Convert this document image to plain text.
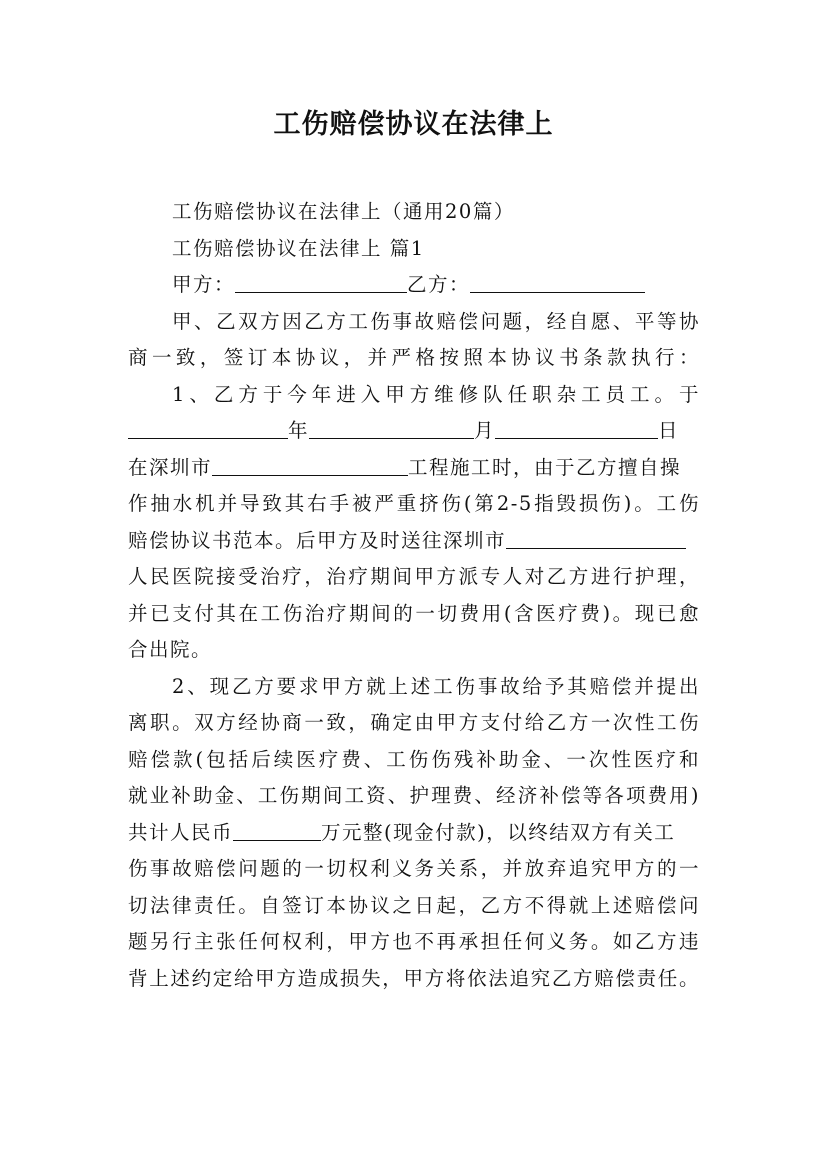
工伤赔偿协议在法律上
工伤赔偿协议在法律上（通用20篇）
工伤赔偿协议在法律上 篇1
甲方：	乙方：
甲、乙双方因乙方工伤事故赔偿问题，经自愿、平等协
商一致，签订本协议，并严格按照本协议书条款执行：
1、乙方于今年进入甲方维修队任职杂工员工。于
年	月	日
在深圳市	工程施工时，由于乙方擅自操
作抽水机并导致其右手被严重挤伤(第2-5指毁损伤)。工伤
赔偿协议书范本。后甲方及时送往深圳市
人民医院接受治疗，治疗期间甲方派专人对乙方进行护理，
并已支付其在工伤治疗期间的一切费用(含医疗费)。现已愈
合出院。
2、现乙方要求甲方就上述工伤事故给予其赔偿并提出
离职。双方经协商一致，确定由甲方支付给乙方一次性工伤
赔偿款(包括后续医疗费、工伤伤残补助金、一次性医疗和
就业补助金、工伤期间工资、护理费、经济补偿等各项费用)
共计人民币	万元整(现金付款)，以终结双方有关工
伤事故赔偿问题的一切权利义务关系，并放弃追究甲方的一
切法律责任。自签订本协议之日起，乙方不得就上述赔偿问
题另行主张任何权利，甲方也不再承担任何义务。如乙方违
背上述约定给甲方造成损失，甲方将依法追究乙方赔偿责任。
